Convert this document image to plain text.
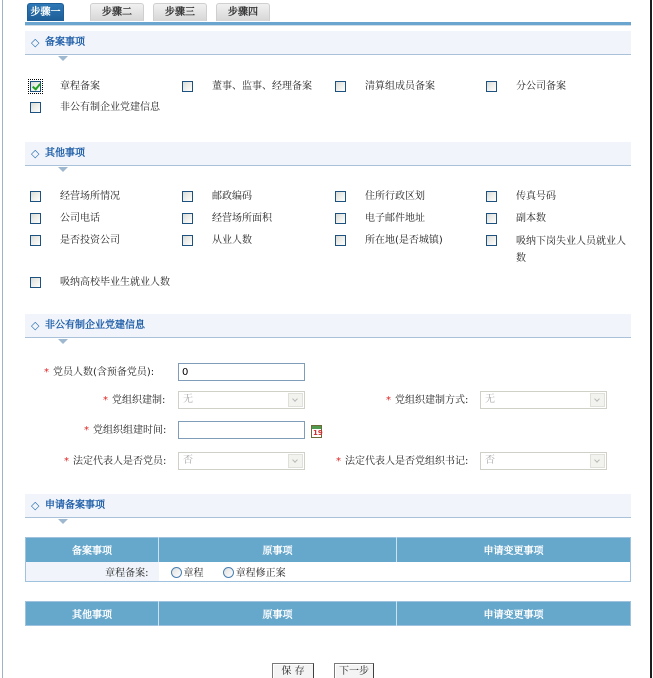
步骤一	步骤二	步骤三	步骤四
◇ 备案事项
章程备案	董事、监事、经理备案	清算组成员备案	分公司备案
非公有制企业党建信息
◇ 其他事项
经营场所情况	邮政编码	住所行政区划	传真号码
公司电话	经营场所面积	电子邮件地址	副本数
是否投资公司	从业人数	所在地(是否城镇)	吸纳下岗失业人员就业人数
吸纳高校毕业生就业人数
◇ 非公有制企业党建信息
* 党员人数(含预备党员):
0
* 党组织建制: 无	* 党组织建制方式: 无
* 党组织组建时间:	19
* 法定代表人是否党员: 否	* 法定代表人是否党组织书记: 否
◇ 申请备案事项
备案事项	原事项	申请变更事项
章程备案:	章程 章程修正案	
其他事项	原事项	申请变更事项
保 存	下一步
